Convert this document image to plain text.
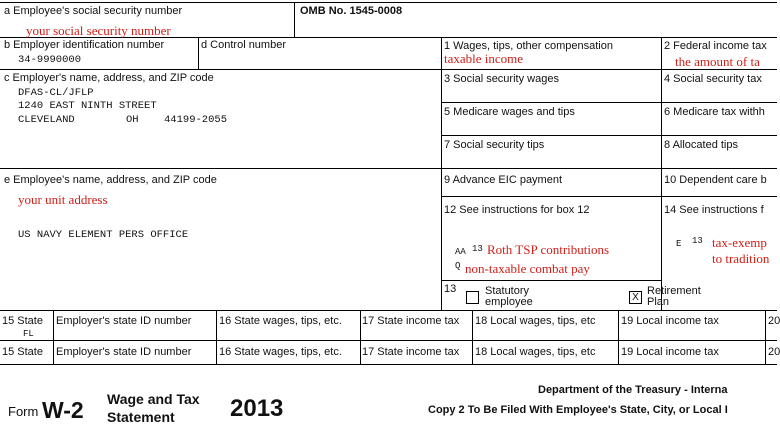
a Employee's social security number
your social security number
OMB No. 1545-0008
b Employer identification number
34-9990000
d Control number
c Employer's name, address, and ZIP code
DFAS-CL/JFLP
1240 EAST NINTH STREET
CLEVELAND	OH 44199-2055
e Employee's name, address, and ZIP code
your unit address
US NAVY ELEMENT PERS OFFICE
1 Wages, tips, other compensation
taxable income
3 Social security wages
5 Medicare wages and tips
7 Social security tips
9 Advance EIC payment
12 See instructions for box 12
AA 13 Roth TSP contributions
Q non-taxable combat pay
13	Statutory
employee	X
Retirement
Plan
2 Federal income tax
the amount of ta
4 Social security tax
6 Medicare tax withh
8 Allocated tips
10 Dependent care b
14 See instructions f
E 13 tax-exemp
to tradition
15 State
FL
Employer's state ID number	16 State wages, tips, etc. 17 State income tax 18 Local wages, tips, etc 19 Local income tax	20
15 State Employer's state ID number	16 State wages, tips, etc. 17 State income tax 18 Local wages, tips, etc 19 Local income tax	20
Form W-2 Wage and Tax
Statement 2013
Department of the Treasury - Interna
Copy 2 To Be Filed With Employee's State, City, or Local I
